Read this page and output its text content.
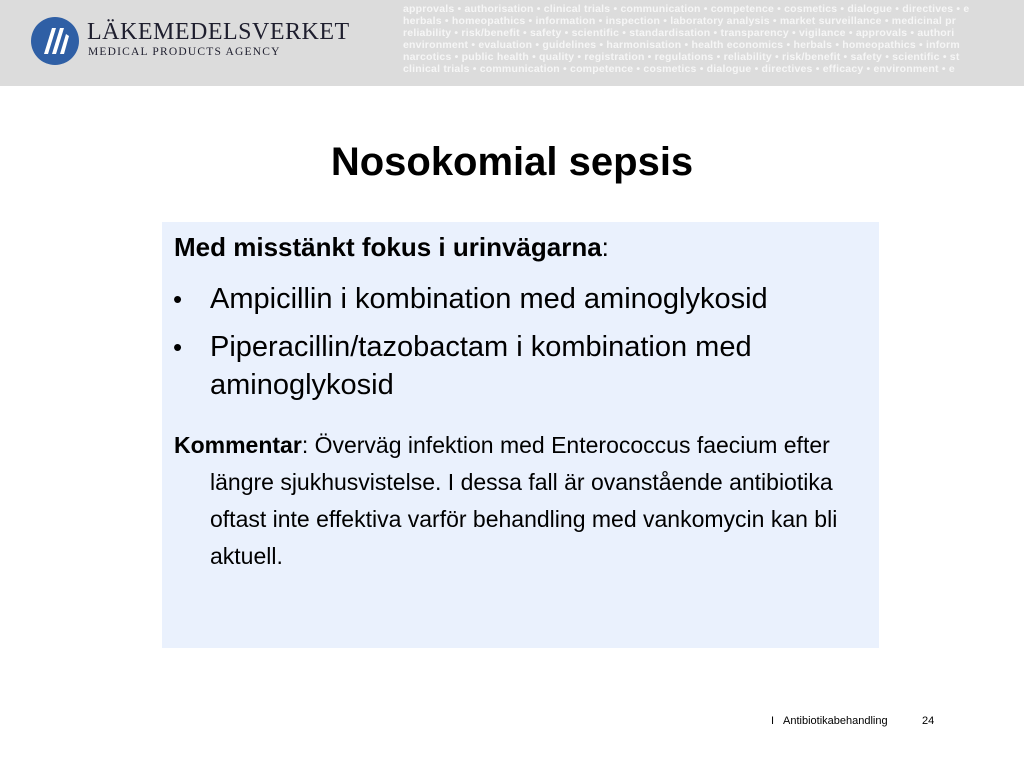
LÄKEMEDELSVERKET
MEDICAL PRODUCTS AGENCY
approvals • authorisation • clinical trials • communication • competence • cosmetics • dialogue • directives • e
herbals • homeopathics • information • inspection • laboratory analysis • market surveillance • medicinal pr
reliability • risk/benefit • safety • scientific • standardisation • transparency • vigilance • approvals • authori
environment • evaluation • guidelines • harmonisation • health economics • herbals • homeopathics • inform
narcotics • public health • quality • registration • regulations • reliability • risk/benefit • safety • scientific • st
clinical trials • communication • competence • cosmetics • dialogue • directives • efficacy • environment • e
Nosokomial sepsis
Med misstänkt fokus i urinvägarna:
• Ampicillin i kombination med aminoglykosid
• Piperacillin/tazobactam i kombination med aminoglykosid
Kommentar: Överväg infektion med Enterococcus faecium efter längre sjukhusvistelse. I dessa fall är ovanstående antibiotika oftast inte effektiva varför behandling med vankomycin kan bli aktuell.
I Antibiotikabehandling	24
